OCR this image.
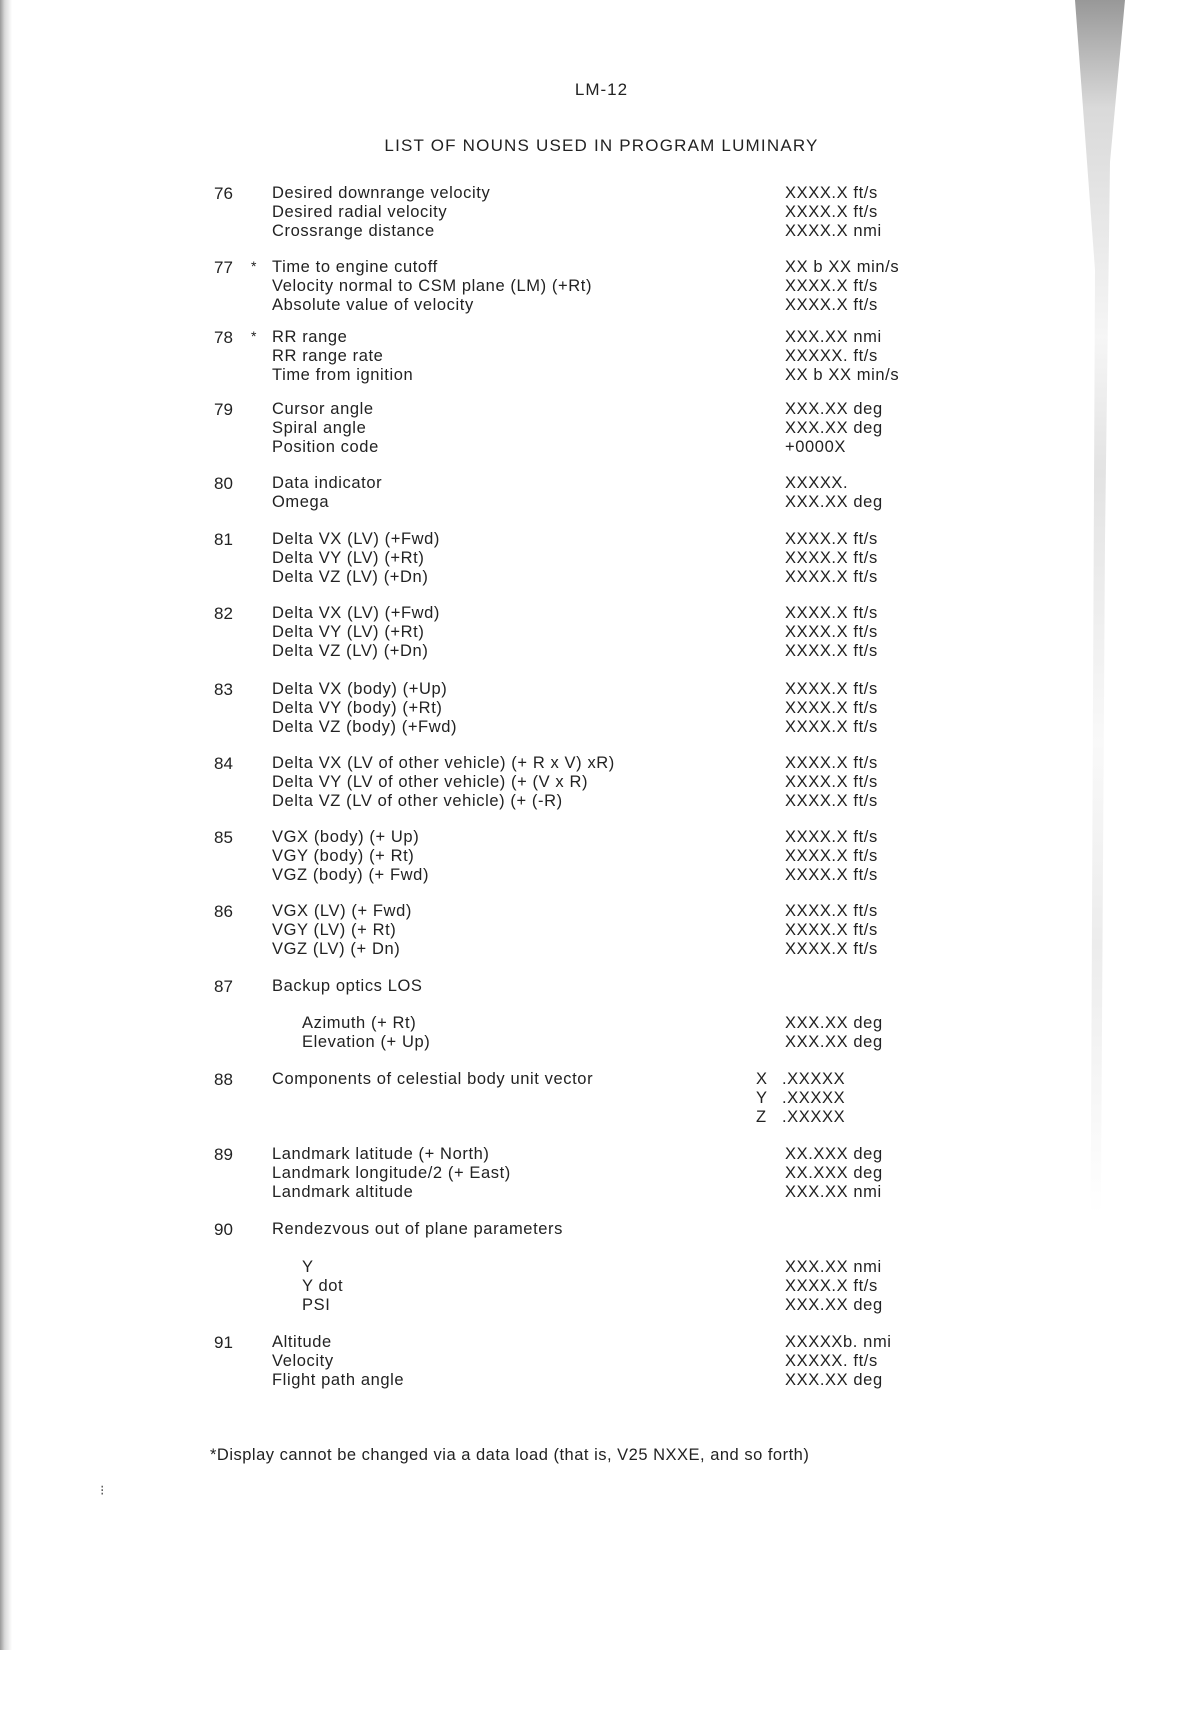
LM-12
LIST OF NOUNS USED IN PROGRAM LUMINARY
76 Desired downrange velocity
Desired radial velocity
Crossrange distance
XXXX.X ft/s
XXXX.X ft/s
XXXX.X nmi
77 * Time to engine cutoff
Velocity normal to CSM plane (LM) (+Rt)
Absolute value of velocity
XX b XX min/s
XXXX.X ft/s
XXXX.X ft/s
78 * RR range
RR range rate
Time from ignition
XXX.XX nmi
XXXXX. ft/s
XX b XX min/s
79 Cursor angle
Spiral angle
Position code
XXX.XX deg
XXX.XX deg
+0000X
80 Data indicator
Omega
XXXXX.
XXX.XX deg
81 Delta VX (LV) (+Fwd)
Delta VY (LV) (+Rt)
Delta VZ (LV) (+Dn)
XXXX.X ft/s
XXXX.X ft/s
XXXX.X ft/s
82 Delta VX (LV) (+Fwd)
Delta VY (LV) (+Rt)
Delta VZ (LV) (+Dn)
XXXX.X ft/s
XXXX.X ft/s
XXXX.X ft/s
83 Delta VX (body) (+Up)
Delta VY (body) (+Rt)
Delta VZ (body) (+Fwd)
XXXX.X ft/s
XXXX.X ft/s
XXXX.X ft/s
84 Delta VX (LV of other vehicle) (+ R x V) xR)
Delta VY (LV of other vehicle) (+ (V x R)
Delta VZ (LV of other vehicle) (+ (-R)
XXXX.X ft/s
XXXX.X ft/s
XXXX.X ft/s
85 VGX (body) (+ Up)
VGY (body) (+ Rt)
VGZ (body) (+ Fwd)
XXXX.X ft/s
XXXX.X ft/s
XXXX.X ft/s
86 VGX (LV) (+ Fwd)
VGY (LV) (+ Rt)
VGZ (LV) (+ Dn)
XXXX.X ft/s
XXXX.X ft/s
XXXX.X ft/s
87 Backup optics LOS
Azimuth (+ Rt)
Elevation (+ Up)
XXX.XX deg
XXX.XX deg
88 Components of celestial body unit vector	X
Y
Z
.XXXXX
.XXXXX
.XXXXX
89 Landmark latitude (+ North)
Landmark longitude/2 (+ East)
Landmark altitude
XX.XXX deg
XX.XXX deg
XXX.XX nmi
90 Rendezvous out of plane parameters
Y
Y dot
PSI
XXX.XX nmi
XXXX.X ft/s
XXX.XX deg
91 Altitude
Velocity
Flight path angle
XXXXXb. nmi
XXXXX. ft/s
XXX.XX deg
*Display cannot be changed via a data load (that is, V25 NXXE, and so forth)
⁝
